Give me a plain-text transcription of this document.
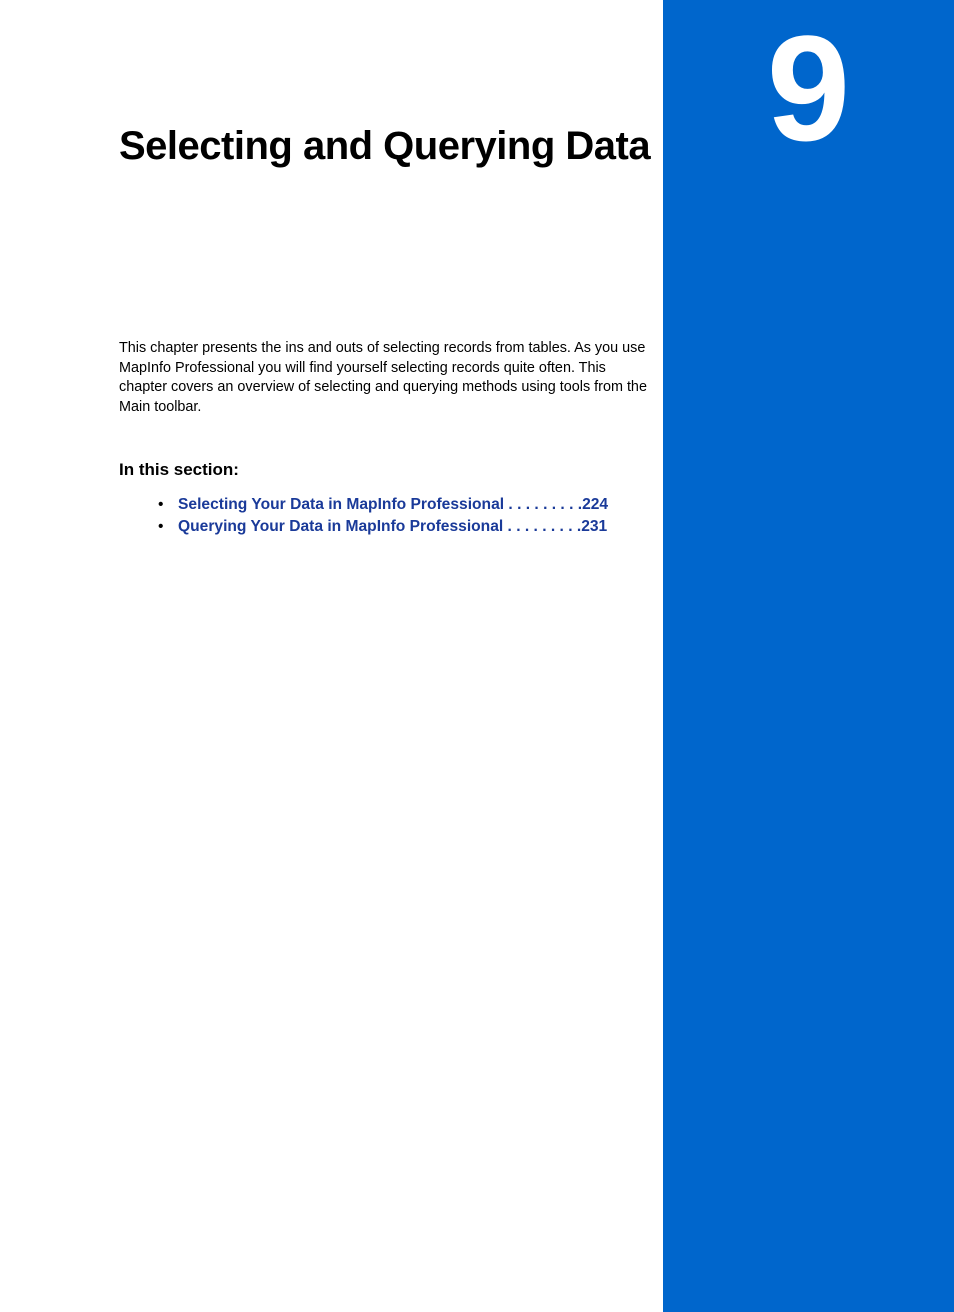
9
Selecting and Querying Data

This chapter presents the ins and outs of selecting records from tables. As you use MapInfo Professional you will find yourself selecting records quite often. This chapter covers an overview of selecting and querying methods using tools from the Main toolbar.

In this section:
• Selecting Your Data in MapInfo Professional . . . . . . . . .224
• Querying Your Data in MapInfo Professional . . . . . . . . .231
